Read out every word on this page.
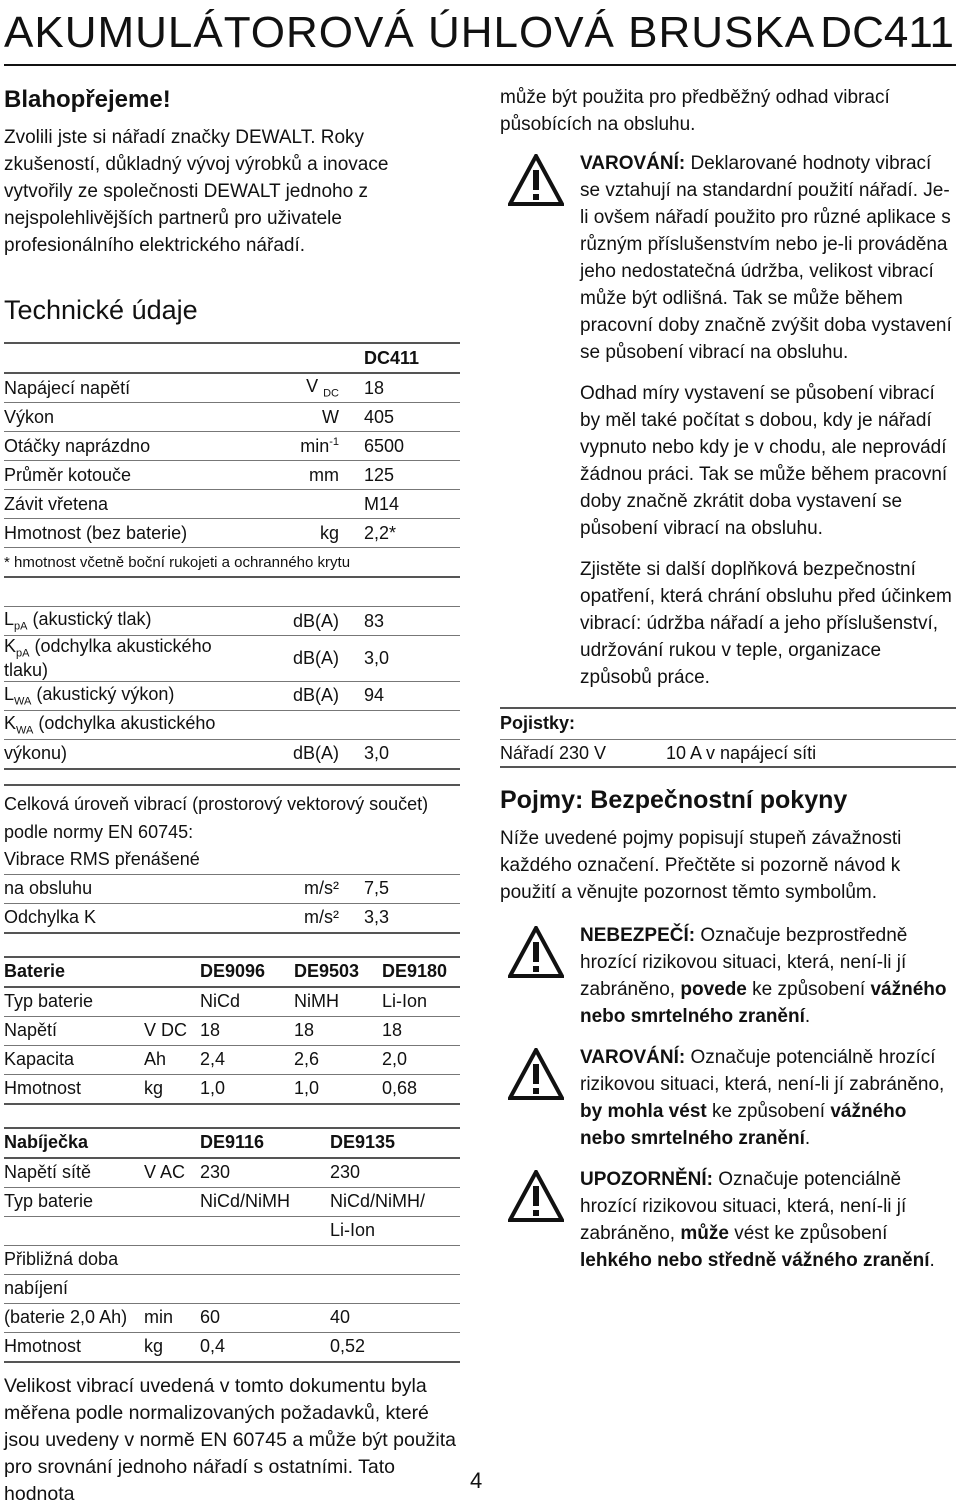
AKUMULÁTOROVÁ ÚHLOVÁ BRUSKA DC411
Blahopřejeme!
Zvolili jste si nářadí značky DEWALT. Roky zkušeností, důkladný vývoj výrobků a inovace vytvořily ze společnosti DEWALT jednoho z nejspolehlivějších partnerů pro uživatele profesionálního elektrického nářadí.
Technické údaje
		DC411
Napájecí napětí	V $_{DC}$	18
Výkon	W	405
Otáčky naprázdno	$\min^{-1}$	6500
Průměr kotouče	mm	125
Závit vřetena		M14
Hmotnost (bez baterie)	kg	2,2*
* hmotnost včetně boční rukojeti a ochranného krytu		

$L_{pA}$ (akustický tlak)	dB(A)	83
$K_{pA}$ (odchylka akustického tlaku)	dB(A)	3,0
$L_{WA}$ (akustický výkon)	dB(A)	94
$K_{WA}$ (odchylka akustického		
výkonu)	dB(A)	3,0
Celková úroveň vibrací (prostorový vektorový součet) podle normy EN 60745:
Vibrace RMS přenášené		
na obsluhu	m/s²	7,5
Odchylka K	m/s²	3,3
Baterie		DE9096	DE9503	DE9180
Typ baterie		NiCd	NiMH	Li-Ion
Napětí	V DC	18	18	18
Kapacita	Ah	2,4	2,6	2,0
Hmotnost	kg	1,0	1,0	0,68
Nabíječka		DE9116	DE9135
Napětí sítě	V AC	230	230
Typ baterie		NiCd/NiMH	NiCd/NiMH/
			Li-Ion
Přibližná doba			
nabíjení			
(baterie 2,0 Ah)	min	60	40
Hmotnost	kg	0,4	0,52
Velikost vibrací uvedená v tomto dokumentu byla měřena podle normalizovaných požadavků, které jsou uvedeny v normě EN 60745 a může být použita pro srovnání jednoho nářadí s ostatními. Tato hodnota
může být použita pro předběžný odhad vibrací působících na obsluhu.
VAROVÁNÍ: Deklarované hodnoty vibrací se vztahují na standardní použití nářadí. Je-li ovšem nářadí použito pro různé aplikace s různým příslušenstvím nebo je-li prováděna jeho nedostatečná údržba, velikost vibrací může být odlišná. Tak se může během pracovní doby značně zvýšit doba vystavení se působení vibrací na obsluhu.
Odhad míry vystavení se působení vibrací by měl také počítat s dobou, kdy je nářadí vypnuto nebo kdy je v chodu, ale neprovádí žádnou práci. Tak se může během pracovní doby značně zkrátit doba vystavení se působení vibrací na obsluhu.
Zjistěte si další doplňková bezpečnostní opatření, která chrání obsluhu před účinkem vibrací: údržba nářadí a jeho příslušenství, udržování rukou v teple, organizace způsobů práce.
Pojistky:
Nářadí 230 V	10 A v napájecí síti
Pojmy: Bezpečnostní pokyny
Níže uvedené pojmy popisují stupeň závažnosti každého označení. Přečtěte si pozorně návod k použití a věnujte pozornost těmto symbolům.
NEBEZPEČÍ: Označuje bezprostředně hrozící rizikovou situaci, která, není-li jí zabráněno, povede ke způsobení vážného nebo smrtelného zranění.
VAROVÁNÍ: Označuje potenciálně hrozící rizikovou situaci, která, není-li jí zabráněno, by mohla vést ke způsobení vážného nebo smrtelného zranění.
UPOZORNĚNÍ: Označuje potenciálně hrozící rizikovou situaci, která, není-li jí zabráněno, může vést ke způsobení lehkého nebo středně vážného zranění.
4
